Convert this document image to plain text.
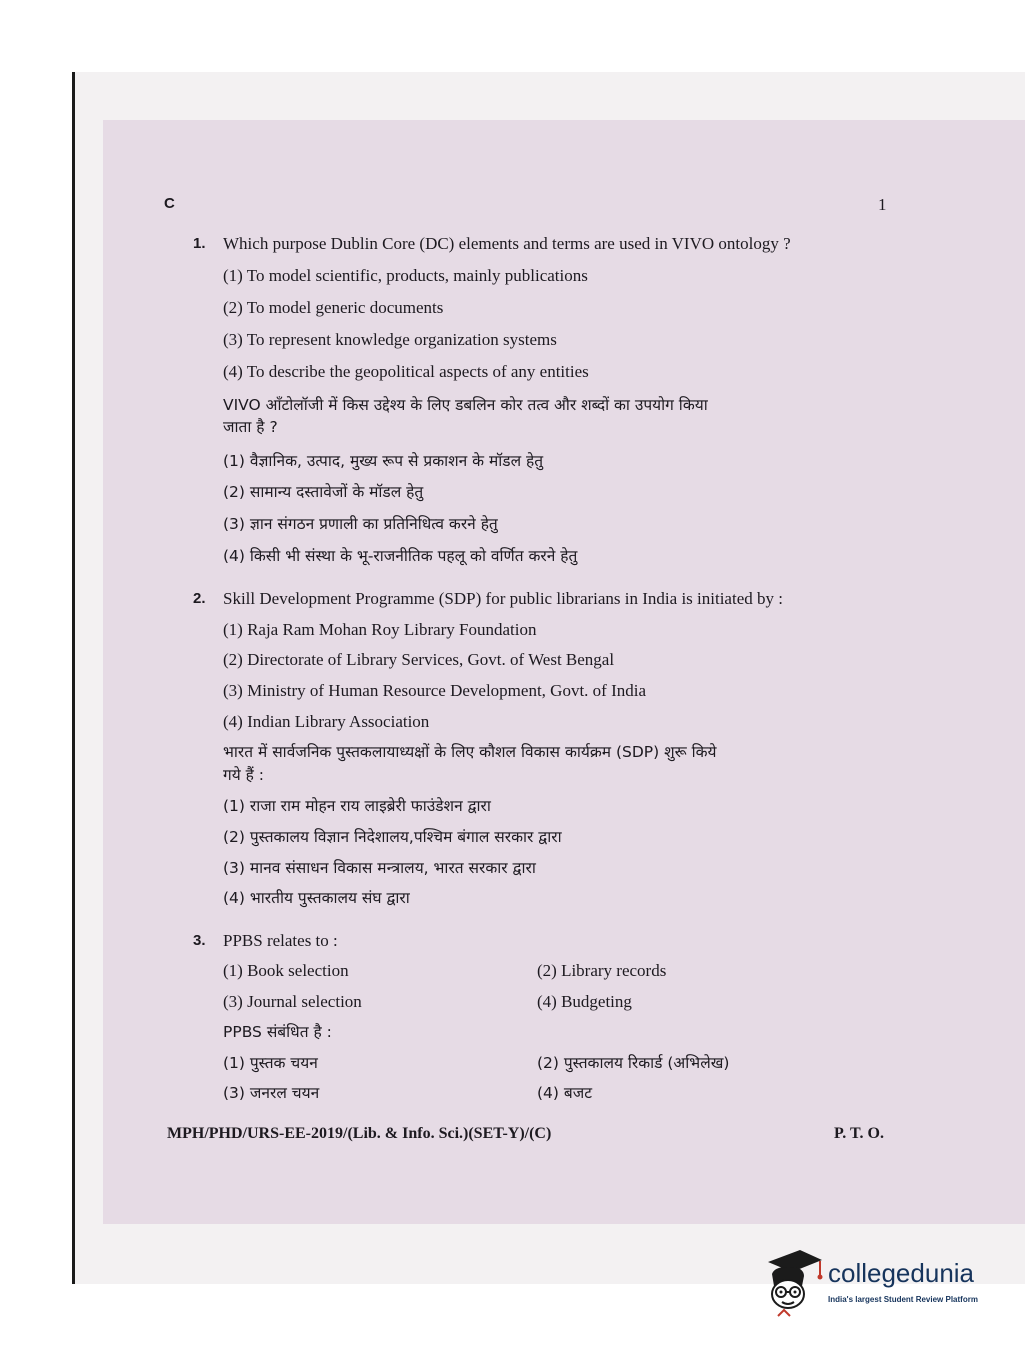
C	1
1. Which purpose Dublin Core (DC) elements and terms are used in VIVO ontology ?
(1) To model scientific, products, mainly publications
(2) To model generic documents
(3) To represent knowledge organization systems
(4) To describe the geopolitical aspects of any entities
VIVO ऑंटोलॉजी में किस उद्देश्य के लिए डबलिन कोर तत्व और शब्दों का उपयोग किया
जाता है ?
(1) वैज्ञानिक, उत्पाद, मुख्य रूप से प्रकाशन के मॉडल हेतु
(2) सामान्य दस्तावेजों के मॉडल हेतु
(3) ज्ञान संगठन प्रणाली का प्रतिनिधित्व करने हेतु
(4) किसी भी संस्था के भू-राजनीतिक पहलू को वर्णित करने हेतु
2. Skill Development Programme (SDP) for public librarians in India is initiated by :
(1) Raja Ram Mohan Roy Library Foundation
(2) Directorate of Library Services, Govt. of West Bengal
(3) Ministry of Human Resource Development, Govt. of India
(4) Indian Library Association
भारत में सार्वजनिक पुस्तकलायाध्यक्षों के लिए कौशल विकास कार्यक्रम (SDP) शुरू किये
गये हैं :
(1) राजा राम मोहन राय लाइब्रेरी फाउंडेशन द्वारा
(2) पुस्तकालय विज्ञान निदेशालय,पश्चिम बंगाल सरकार द्वारा
(3) मानव संसाधन विकास मन्त्रालय, भारत सरकार द्वारा
(4) भारतीय पुस्तकालय संघ द्वारा
3. PPBS relates to :
(1) Book selection	(2) Library records
(3) Journal selection	(4) Budgeting
PPBS संबंधित है :
(1) पुस्तक चयन	(2) पुस्तकालय रिकार्ड (अभिलेख)
(3) जनरल चयन	(4) बजट
MPH/PHD/URS-EE-2019/(Lib. & Info. Sci.)(SET-Y)/(C)	P. T. O.
collegedunia
India's largest Student Review Platform
